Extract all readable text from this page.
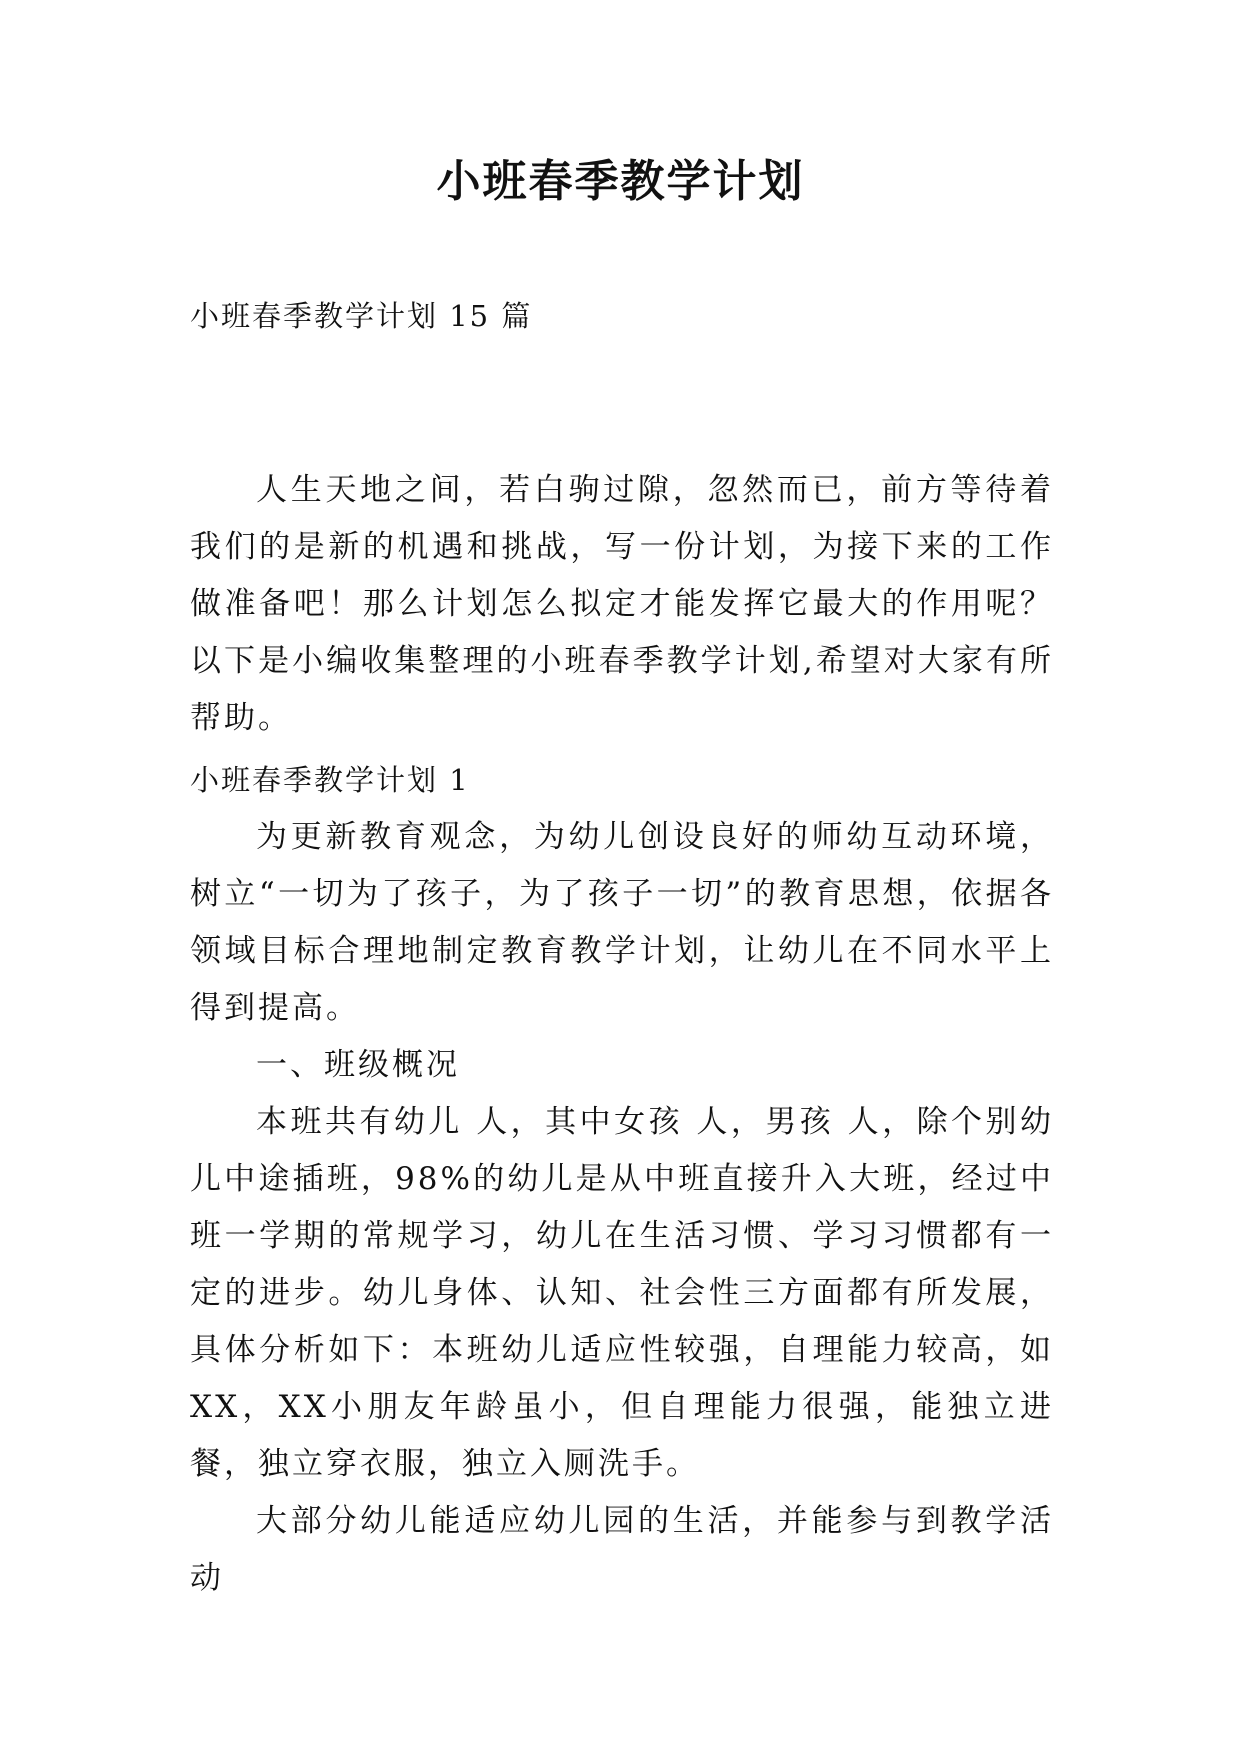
小班春季教学计划

小班春季教学计划 15 篇

人生天地之间，若白驹过隙，忽然而已，前方等待着我们的是新的机遇和挑战，写一份计划，为接下来的工作做准备吧！那么计划怎么拟定才能发挥它最大的作用呢？以下是小编收集整理的小班春季教学计划,希望对大家有所帮助。

小班春季教学计划 1

为更新教育观念，为幼儿创设良好的师幼互动环境，树立“一切为了孩子，为了孩子一切”的教育思想，依据各领域目标合理地制定教育教学计划，让幼儿在不同水平上得到提高。

一、班级概况

本班共有幼儿 人，其中女孩 人，男孩 人，除个别幼儿中途插班，98%的幼儿是从中班直接升入大班，经过中班一学期的常规学习，幼儿在生活习惯、学习习惯都有一定的进步。幼儿身体、认知、社会性三方面都有所发展，具体分析如下：本班幼儿适应性较强，自理能力较高，如XX，XX小朋友年龄虽小，但自理能力很强，能独立进餐，独立穿衣服，独立入厕洗手。

大部分幼儿能适应幼儿园的生活，并能参与到教学活动
